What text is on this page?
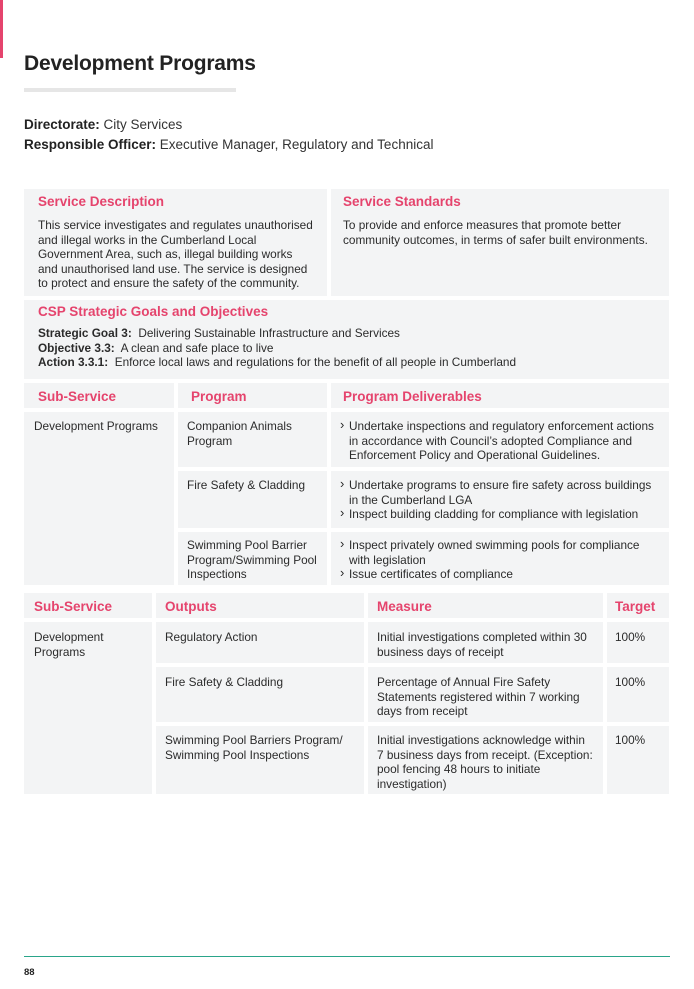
Development Programs
Directorate: City Services
Responsible Officer: Executive Manager, Regulatory and Technical
Service Description
This service investigates and regulates unauthorised and illegal works in the Cumberland Local Government Area, such as, illegal building works and unauthorised land use. The service is designed to protect and ensure the safety of the community.
Service Standards
To provide and enforce measures that promote better community outcomes, in terms of safer built environments.
CSP Strategic Goals and Objectives
Strategic Goal 3: Delivering Sustainable Infrastructure and Services
Objective 3.3: A clean and safe place to live
Action 3.3.1: Enforce local laws and regulations for the benefit of all people in Cumberland
Sub-Service	Program	Program Deliverables
Development Programs	Companion Animals Program
› Undertake inspections and regulatory enforcement actions in accordance with Council’s adopted Compliance and Enforcement Policy and Operational Guidelines.
Fire Safety & Cladding
›	Undertake programs to ensure fire safety across buildings in the Cumberland LGA
› Inspect building cladding for compliance with legislation
Swimming Pool Barrier Program/Swimming Pool Inspections
› Inspect privately owned swimming pools for compliance with legislation
› Issue certificates of compliance
Sub-Service	Outputs	Measure	Target
Development Programs
Regulatory Action	Initial investigations completed within 30 business days of receipt
100%
Fire Safety & Cladding	Percentage of Annual Fire Safety Statements registered within 7 working days from receipt
100%
Swimming Pool Barriers Program/ Swimming Pool Inspections
Initial investigations acknowledge within 7 business days from receipt. (Exception: pool fencing 48 hours to initiate investigation)
100%
88
